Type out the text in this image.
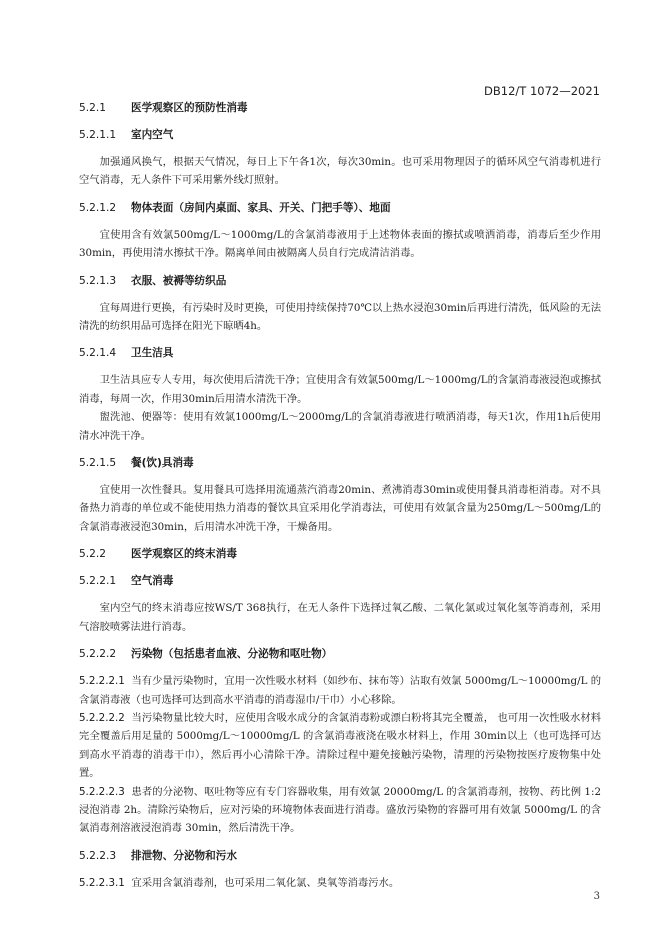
DB12/T 1072—2021
5.2.1 医学观察区的预防性消毒
5.2.1.1 室内空气
加强通风换气，根据天气情况，每日上下午各1次，每次30min。也可采用物理因子的循环风空气消毒机进行空气消毒，无人条件下可采用紫外线灯照射。
5.2.1.2 物体表面（房间内桌面、家具、开关、门把手等）、地面
宜使用含有效氯500mg/L～1000mg/L的含氯消毒液用于上述物体表面的擦拭或喷洒消毒，消毒后至少作用30min，再使用清水擦拭干净。隔离单间由被隔离人员自行完成清洁消毒。
5.2.1.3 衣服、被褥等纺织品
宜每周进行更换，有污染时及时更换，可使用持续保持70℃以上热水浸泡30min后再进行清洗，低风险的无法清洗的纺织用品可选择在阳光下晾晒4h。
5.2.1.4 卫生洁具
卫生洁具应专人专用，每次使用后清洗干净；宜使用含有效氯500mg/L～1000mg/L的含氯消毒液浸泡或擦拭消毒，每周一次，作用30min后用清水清洗干净。
盥洗池、便器等：使用有效氯1000mg/L～2000mg/L的含氯消毒液进行喷洒消毒，每天1次，作用1h后使用清水冲洗干净。
5.2.1.5 餐(饮)具消毒
宜使用一次性餐具。复用餐具可选择用流通蒸汽消毒20min、煮沸消毒30min或使用餐具消毒柜消毒。对不具备热力消毒的单位或不能使用热力消毒的餐饮具宜采用化学消毒法，可使用有效氯含量为250mg/L～500mg/L的含氯消毒液浸泡30min，后用清水冲洗干净，干燥备用。
5.2.2 医学观察区的终末消毒
5.2.2.1 空气消毒
室内空气的终末消毒应按WS/T 368执行，在无人条件下选择过氧乙酸、二氧化氯或过氧化氢等消毒剂，采用气溶胶喷雾法进行消毒。
5.2.2.2 污染物（包括患者血液、分泌物和呕吐物）
5.2.2.2.1 当有少量污染物时，宜用一次性吸水材料（如纱布、抹布等）沾取有效氯 5000mg/L～10000mg/L 的含氯消毒液（也可选择可达到高水平消毒的消毒湿巾/干巾）小心移除。
5.2.2.2.2 当污染物量比较大时，应使用含吸水成分的含氯消毒粉或漂白粉将其完全覆盖， 也可用一次性吸水材料完全覆盖后用足量的 5000mg/L～10000mg/L 的含氯消毒液浇在吸水材料上，作用 30min以上（也可选择可达到高水平消毒的消毒干巾），然后再小心清除干净。清除过程中避免接触污染物，清理的污染物按医疗废物集中处置。
5.2.2.2.3 患者的分泌物、呕吐物等应有专门容器收集，用有效氯 20000mg/L 的含氯消毒剂，按物、药比例 1:2 浸泡消毒 2h。清除污染物后，应对污染的环境物体表面进行消毒。盛放污染物的容器可用有效氯 5000mg/L 的含氯消毒剂溶液浸泡消毒 30min，然后清洗干净。
5.2.2.3 排泄物、分泌物和污水
5.2.2.3.1 宜采用含氯消毒剂，也可采用二氧化氯、臭氧等消毒污水。
3
